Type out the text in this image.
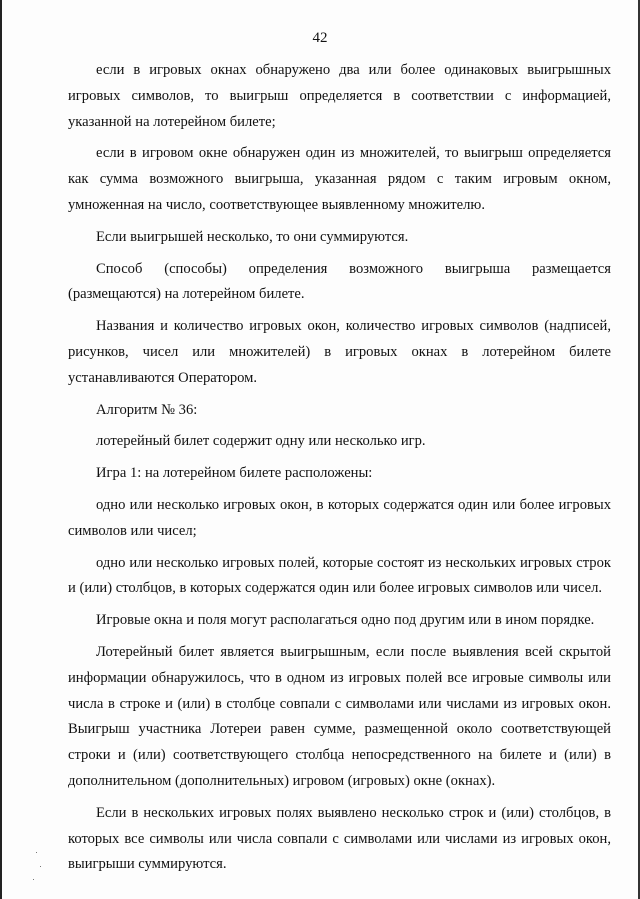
42

если в игровых окнах обнаружено два или более одинаковых выигрышных игровых символов, то выигрыш определяется в соответствии с информацией, указанной на лотерейном билете;

если в игровом окне обнаружен один из множителей, то выигрыш определяется как сумма возможного выигрыша, указанная рядом с таким игровым окном, умноженная на число, соответствующее выявленному множителю.

Если выигрышей несколько, то они суммируются.

Способ (способы) определения возможного выигрыша размещается (размещаются) на лотерейном билете.

Названия и количество игровых окон, количество игровых символов (надписей, рисунков, чисел или множителей) в игровых окнах в лотерейном билете устанавливаются Оператором.

Алгоритм № 36:

лотерейный билет содержит одну или несколько игр.

Игра 1: на лотерейном билете расположены:

одно или несколько игровых окон, в которых содержатся один или более игровых символов или чисел;

одно или несколько игровых полей, которые состоят из нескольких игровых строк и (или) столбцов, в которых содержатся один или более игровых символов или чисел.

Игровые окна и поля могут располагаться одно под другим или в ином порядке.

Лотерейный билет является выигрышным, если после выявления всей скрытой информации обнаружилось, что в одном из игровых полей все игровые символы или числа в строке и (или) в столбце совпали с символами или числами из игровых окон. Выигрыш участника Лотереи равен сумме, размещенной около соответствующей строки и (или) соответствующего столбца непосредственного на билете и (или) в дополнительном (дополнительных) игровом (игровых) окне (окнах).

Если в нескольких игровых полях выявлено несколько строк и (или) столбцов, в которых все символы или числа совпали с символами или числами из игровых окон, выигрыши суммируются.
